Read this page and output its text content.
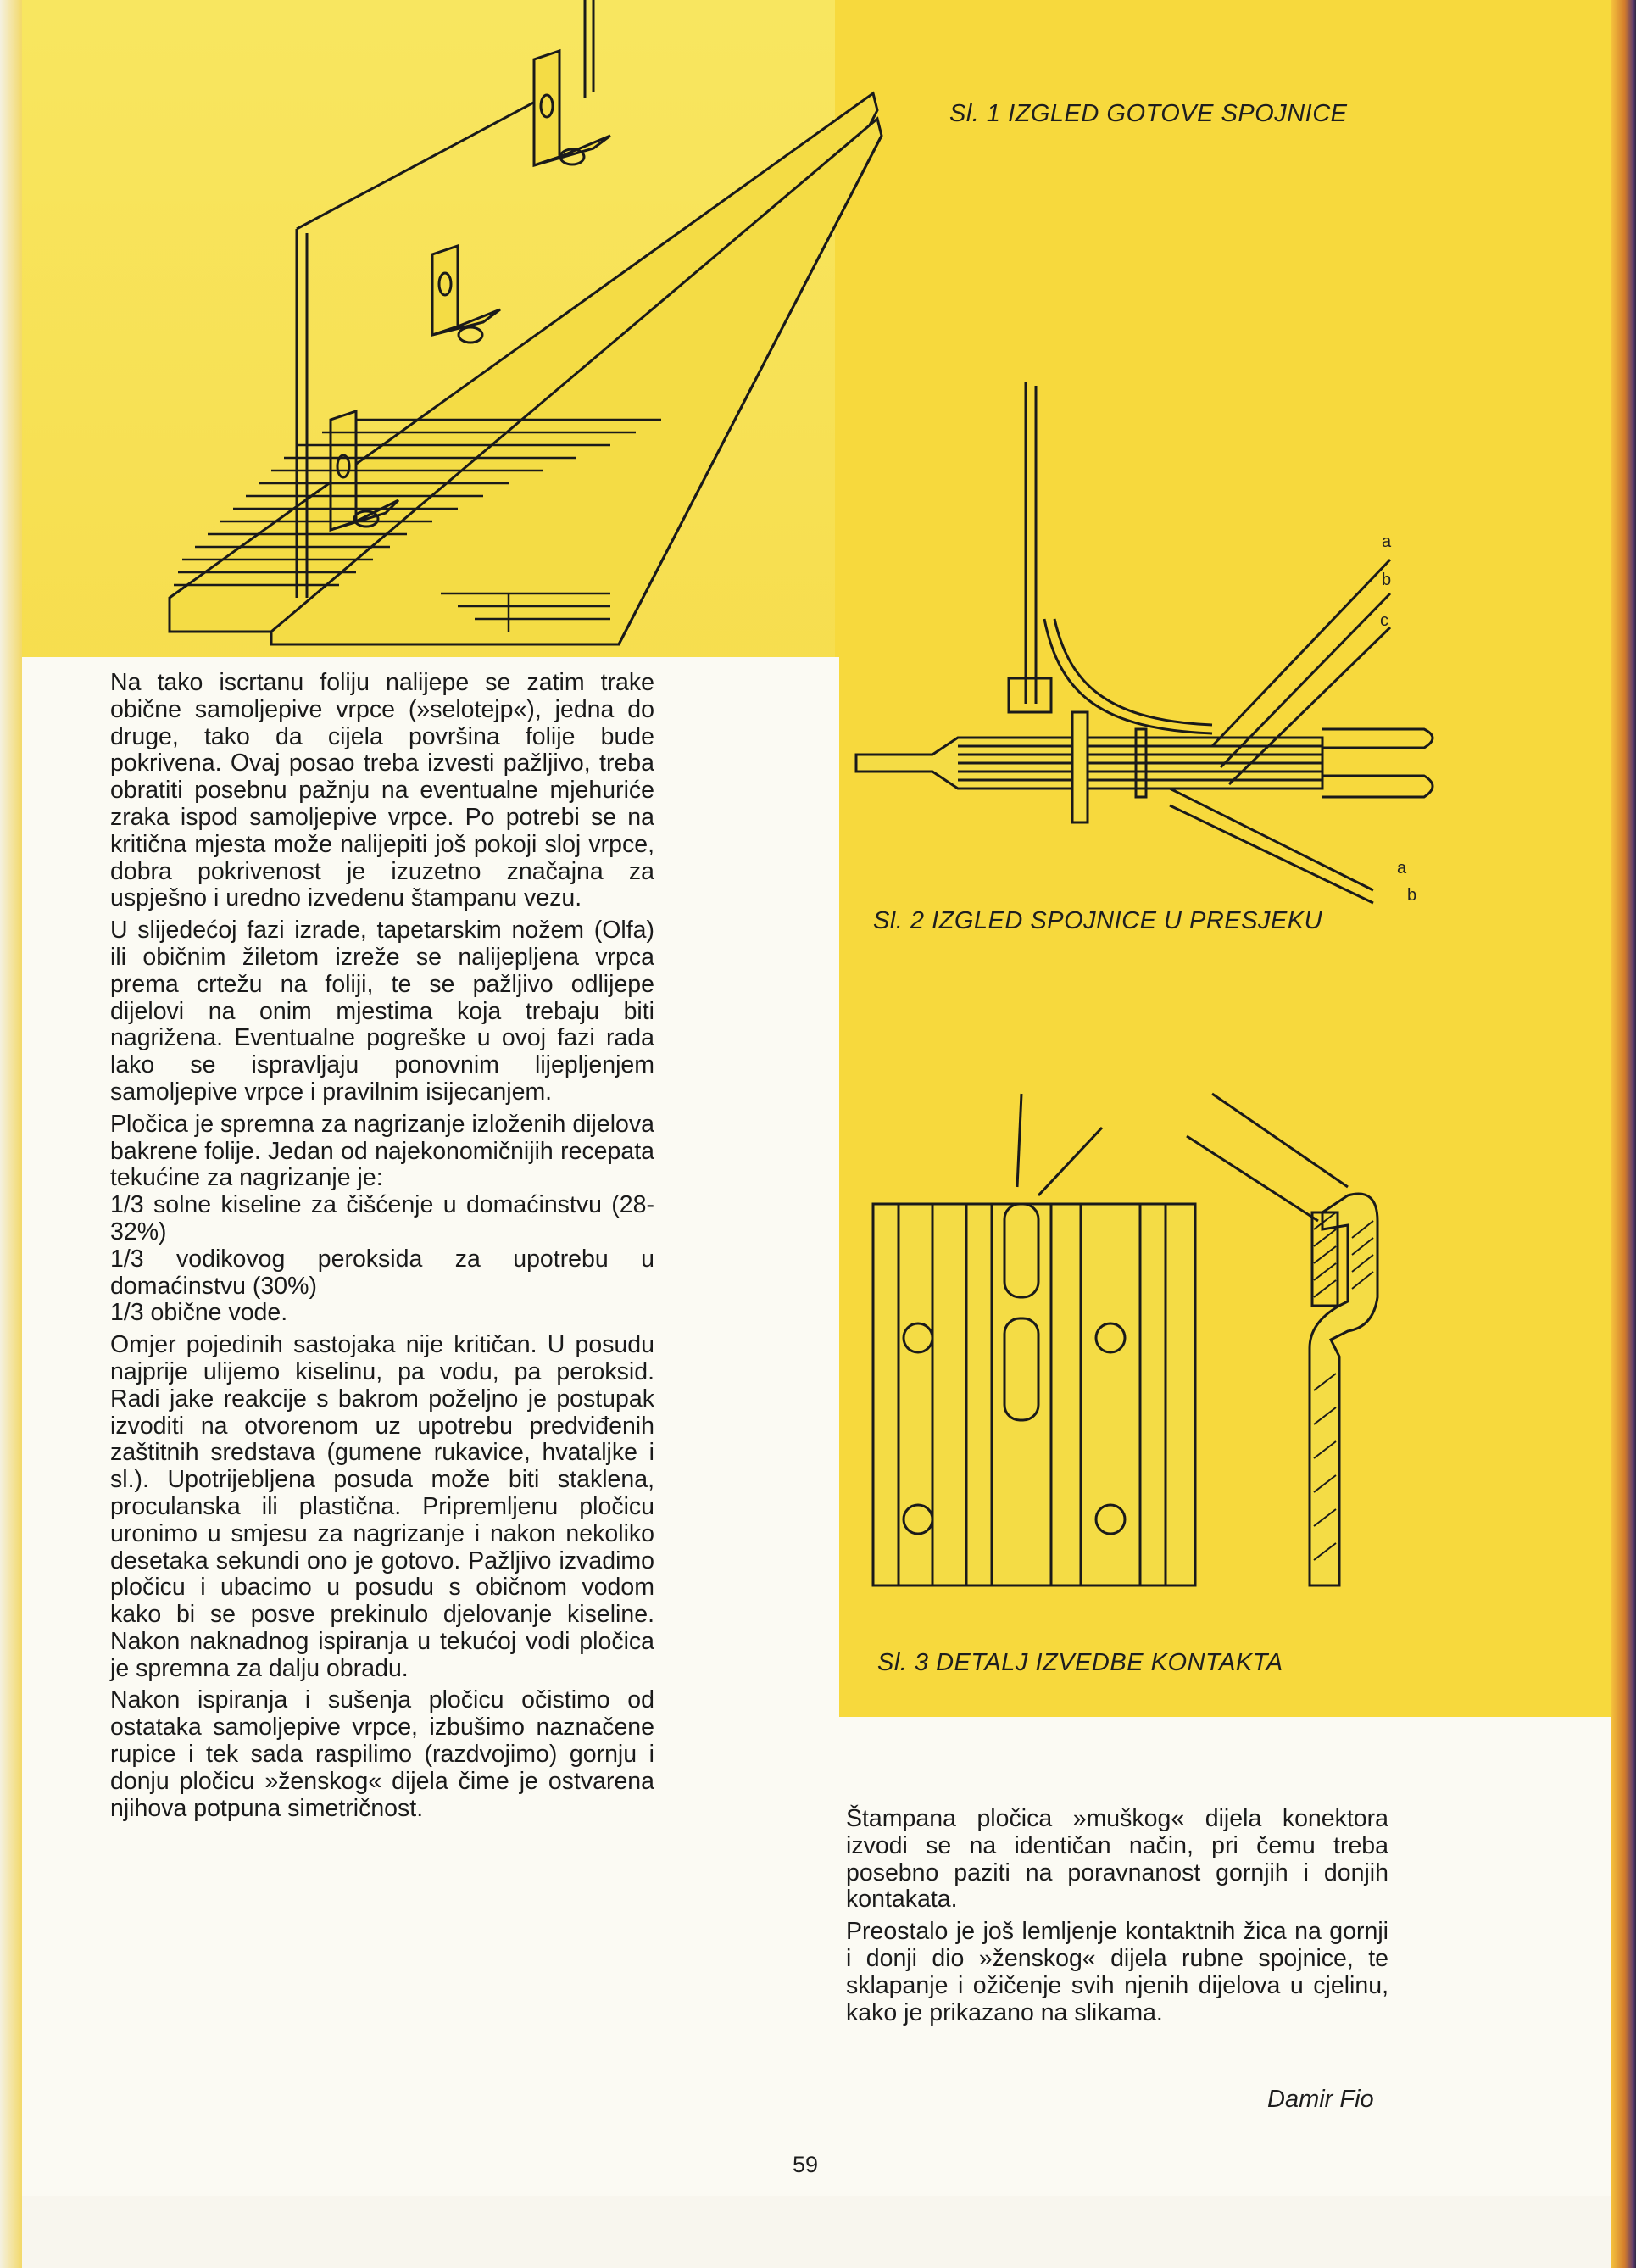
a
b
c
a
b
Sl. 1 IZGLED GOTOVE SPOJNICE
Sl. 2 IZGLED SPOJNICE U PRESJEKU
Sl. 3 DETALJ IZVEDBE KONTAKTA

Na tako iscrtanu foliju nalijepe se zatim trake obične samoljepive vrpce (»selotejp«), jedna do druge, tako da cijela površina folije bude pokrivena. Ovaj posao treba izvesti pažljivo, treba obratiti posebnu pažnju na eventualne mjehuriće zraka ispod samoljepive vrpce. Po potrebi se na kritična mjesta može nalijepiti još pokoji sloj vrpce, dobra pokrivenost je izuzetno značajna za uspješno i uredno izvedenu štampanu vezu.

U slijedećoj fazi izrade, tapetarskim nožem (Olfa) ili običnim žiletom izreže se nalijepljena vrpca prema crtežu na foliji, te se pažljivo odlijepe dijelovi na onim mjestima koja trebaju biti nagrižena. Eventualne pogreške u ovoj fazi rada lako se ispravljaju ponovnim lijepljenjem samoljepive vrpce i pravilnim isijecanjem.

Pločica je spremna za nagrizanje izloženih dijelova bakrene folije. Jedan od najekonomičnijih recepata tekućine za nagrizanje je:

1/3 solne kiseline za čišćenje u domaćinstvu (28-32%)

1/3 vodikovog peroksida za upotrebu u domaćinstvu (30%)

1/3 obične vode.

Omjer pojedinih sastojaka nije kritičan. U posudu najprije ulijemo kiselinu, pa vodu, pa peroksid. Radi jake reakcije s bakrom poželjno je postupak izvoditi na otvorenom uz upotrebu predviđenih zaštitnih sredstava (gumene rukavice, hvataljke i sl.). Upotrijebljena posuda može biti staklena, proculanska ili plastična. Pripremljenu pločicu uronimo u smjesu za nagrizanje i nakon nekoliko desetaka sekundi ono je gotovo. Pažljivo izvadimo pločicu i ubacimo u posudu s običnom vodom kako bi se posve prekinulo djelovanje kiseline. Nakon naknadnog ispiranja u tekućoj vodi pločica je spremna za dalju obradu.

Nakon ispiranja i sušenja pločicu očistimo od ostataka samoljepive vrpce, izbušimo naznačene rupice i tek sada raspilimo (razdvojimo) gornju i donju pločicu »ženskog« dijela čime je ostvarena njihova potpuna simetričnost.	Štampana pločica »muškog« dijela konektora izvodi se na identičan način, pri čemu treba posebno paziti na poravnanost gornjih i donjih kontakata.

Preostalo je još lemljenje kontaktnih žica na gornji i donji dio »ženskog« dijela rubne spojnice, te sklapanje i ožičenje svih njenih dijelova u cjelinu, kako je prikazano na slikama.

Damir Fio
59
